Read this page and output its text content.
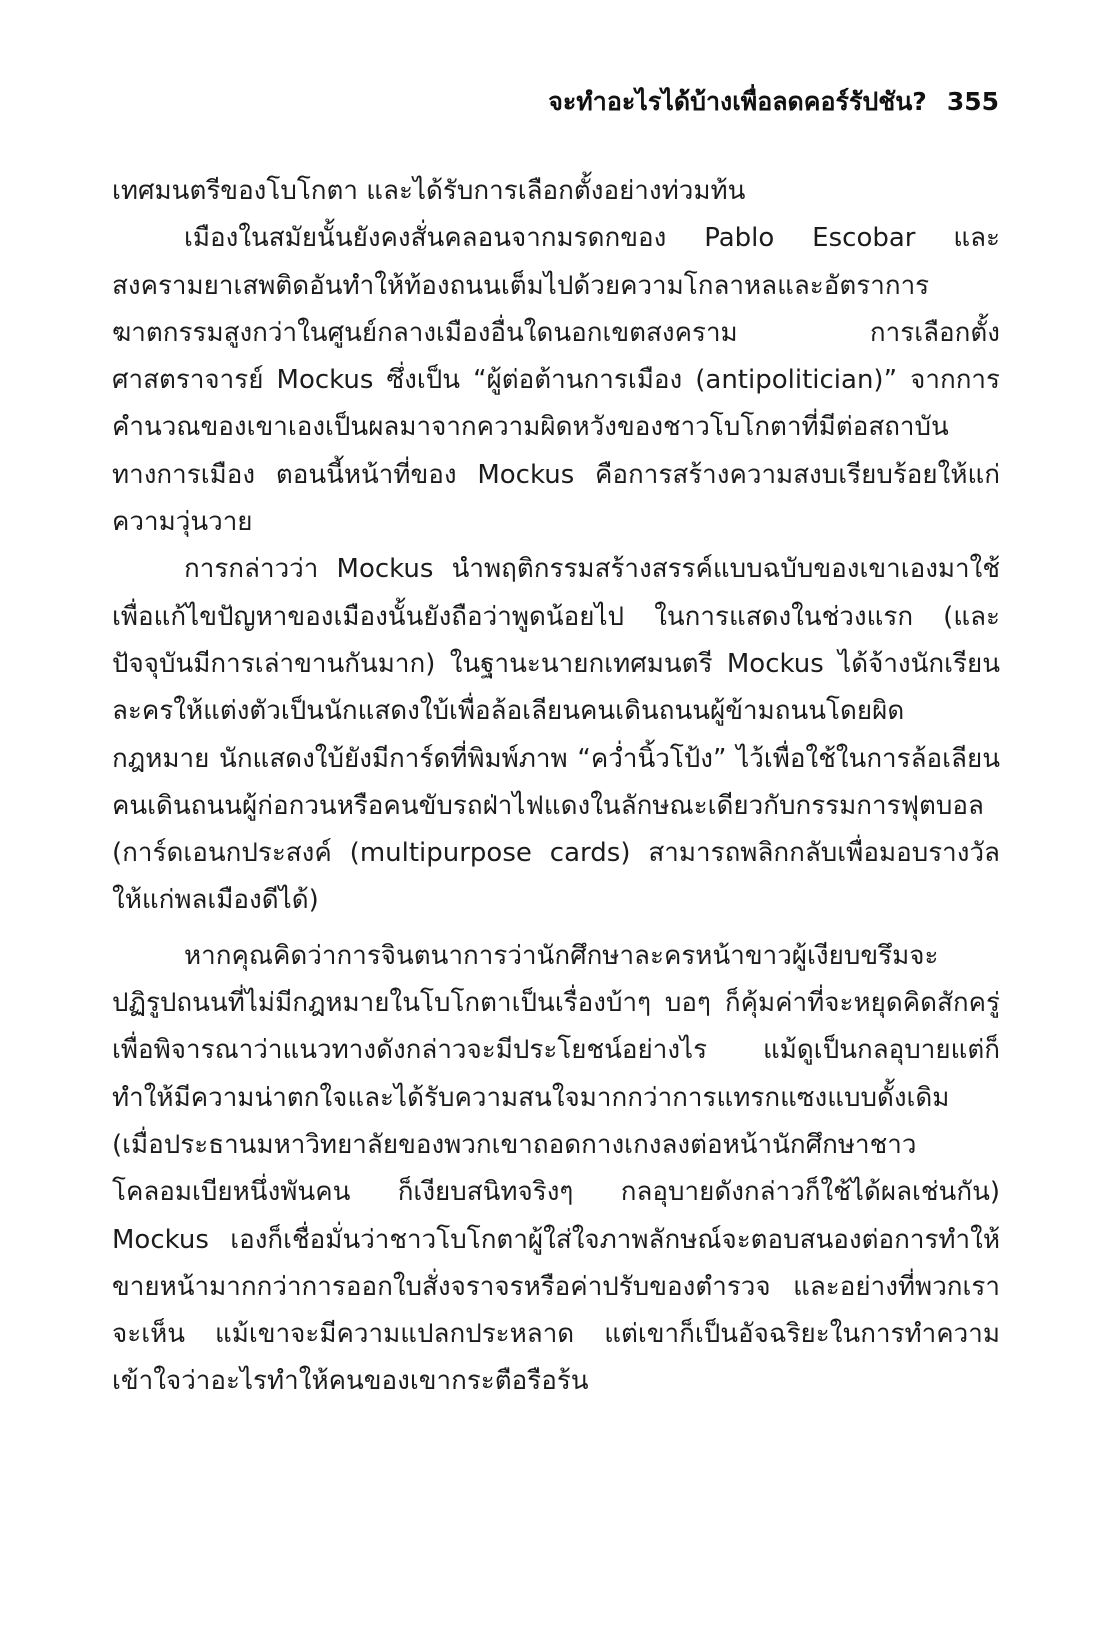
จะทำอะไรได้บ้างเพื่อลดคอร์รัปชัน? 355

เทศมนตรีของโบโกตา และได้รับการเลือกตั้งอย่างท่วมท้น

เมืองในสมัยนั้นยังคงสั่นคลอนจากมรดกของ Pablo Escobar และสงครามยาเสพติดอันทำให้ท้องถนนเต็มไปด้วยความโกลาหลและอัตราการฆาตกรรมสูงกว่าในศูนย์กลางเมืองอื่นใดนอกเขตสงคราม การเลือกตั้งศาสตราจารย์ Mockus ซึ่งเป็น “ผู้ต่อต้านการเมือง (antipolitician)” จากการคำนวณของเขาเองเป็นผลมาจากความผิดหวังของชาวโบโกตาที่มีต่อสถาบันทางการเมือง ตอนนี้หน้าที่ของ Mockus คือการสร้างความสงบเรียบร้อยให้แก่ความวุ่นวาย

การกล่าวว่า Mockus นำพฤติกรรมสร้างสรรค์แบบฉบับของเขาเองมาใช้เพื่อแก้ไขปัญหาของเมืองนั้นยังถือว่าพูดน้อยไป ในการแสดงในช่วงแรก (และปัจจุบันมีการเล่าขานกันมาก) ในฐานะนายกเทศมนตรี Mockus ได้จ้างนักเรียนละครให้แต่งตัวเป็นนักแสดงใบ้เพื่อล้อเลียนคนเดินถนนผู้ข้ามถนนโดยผิดกฎหมาย นักแสดงใบ้ยังมีการ์ดที่พิมพ์ภาพ “คว่ำนิ้วโป้ง” ไว้เพื่อใช้ในการล้อเลียนคนเดินถนนผู้ก่อกวนหรือคนขับรถฝ่าไฟแดงในลักษณะเดียวกับกรรมการฟุตบอล (การ์ดเอนกประสงค์ (multipurpose cards) สามารถพลิกกลับเพื่อมอบรางวัลให้แก่พลเมืองดีได้)

หากคุณคิดว่าการจินตนาการว่านักศึกษาละครหน้าขาวผู้เงียบขรึมจะปฏิรูปถนนที่ไม่มีกฎหมายในโบโกตาเป็นเรื่องบ้าๆ บอๆ ก็คุ้มค่าที่จะหยุดคิดสักครู่เพื่อพิจารณาว่าแนวทางดังกล่าวจะมีประโยชน์อย่างไร แม้ดูเป็นกลอุบายแต่ก็ทำให้มีความน่าตกใจและได้รับความสนใจมากกว่าการแทรกแซงแบบดั้งเดิม (เมื่อประธานมหาวิทยาลัยของพวกเขาถอดกางเกงลงต่อหน้านักศึกษาชาวโคลอมเบียหนึ่งพันคน ก็เงียบสนิทจริงๆ กลอุบายดังกล่าวก็ใช้ได้ผลเช่นกัน) Mockus เองก็เชื่อมั่นว่าชาวโบโกตาผู้ใส่ใจภาพลักษณ์จะตอบสนองต่อการทำให้ขายหน้ามากกว่าการออกใบสั่งจราจรหรือค่าปรับของตำรวจ และอย่างที่พวกเราจะเห็น แม้เขาจะมีความแปลกประหลาด แต่เขาก็เป็นอัจฉริยะในการทำความเข้าใจว่าอะไรทำให้คนของเขากระตือรือร้น
